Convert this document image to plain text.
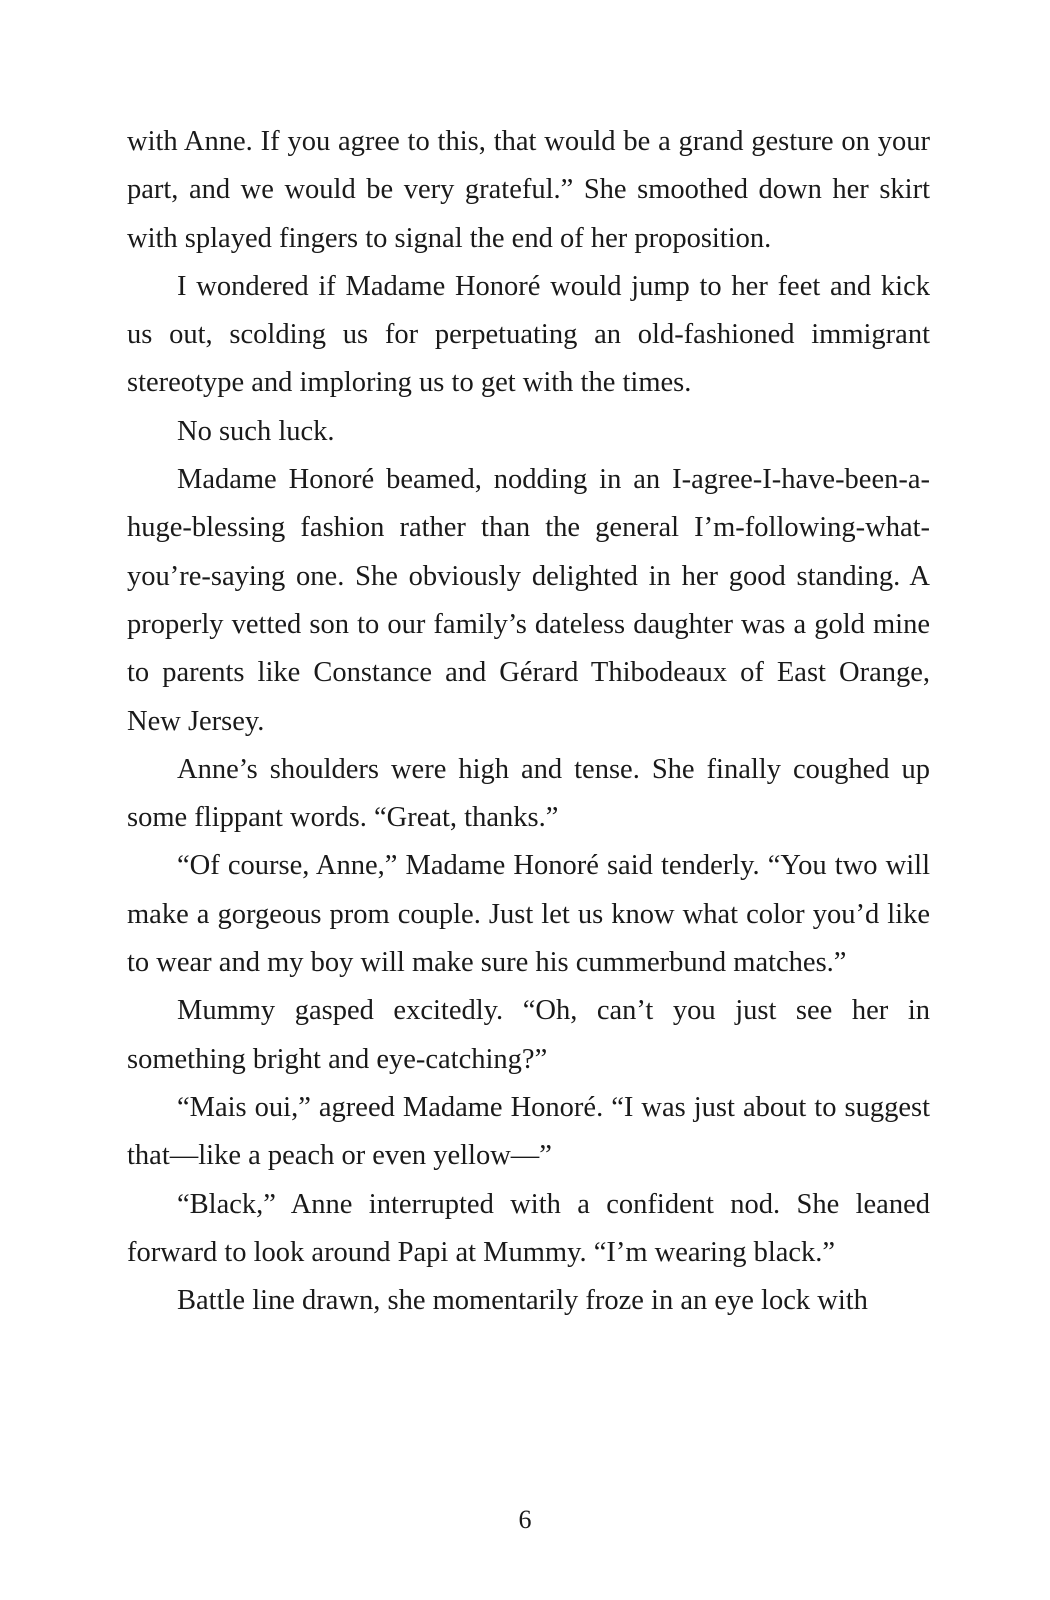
with Anne. If you agree to this, that would be a grand gesture on your part, and we would be very grateful.” She smoothed down her skirt with splayed fingers to signal the end of her proposition.

I wondered if Madame Honoré would jump to her feet and kick us out, scolding us for perpetuating an old-fashioned immigrant stereotype and imploring us to get with the times.

No such luck.

Madame Honoré beamed, nodding in an I-agree-I-have-been-a-huge-blessing fashion rather than the general I’m-following-what-you’re-saying one. She obviously delighted in her good standing. A properly vetted son to our family’s dateless daughter was a gold mine to parents like Constance and Gérard Thibodeaux of East Orange, New Jersey.

Anne’s shoulders were high and tense. She finally coughed up some flippant words. “Great, thanks.”

“Of course, Anne,” Madame Honoré said tenderly. “You two will make a gorgeous prom couple. Just let us know what color you’d like to wear and my boy will make sure his cummerbund matches.”

Mummy gasped excitedly. “Oh, can’t you just see her in something bright and eye-catching?”

“Mais oui,” agreed Madame Honoré. “I was just about to suggest that—like a peach or even yellow—”

“Black,” Anne interrupted with a confident nod. She leaned forward to look around Papi at Mummy. “I’m wearing black.”

Battle line drawn, she momentarily froze in an eye lock with

6
